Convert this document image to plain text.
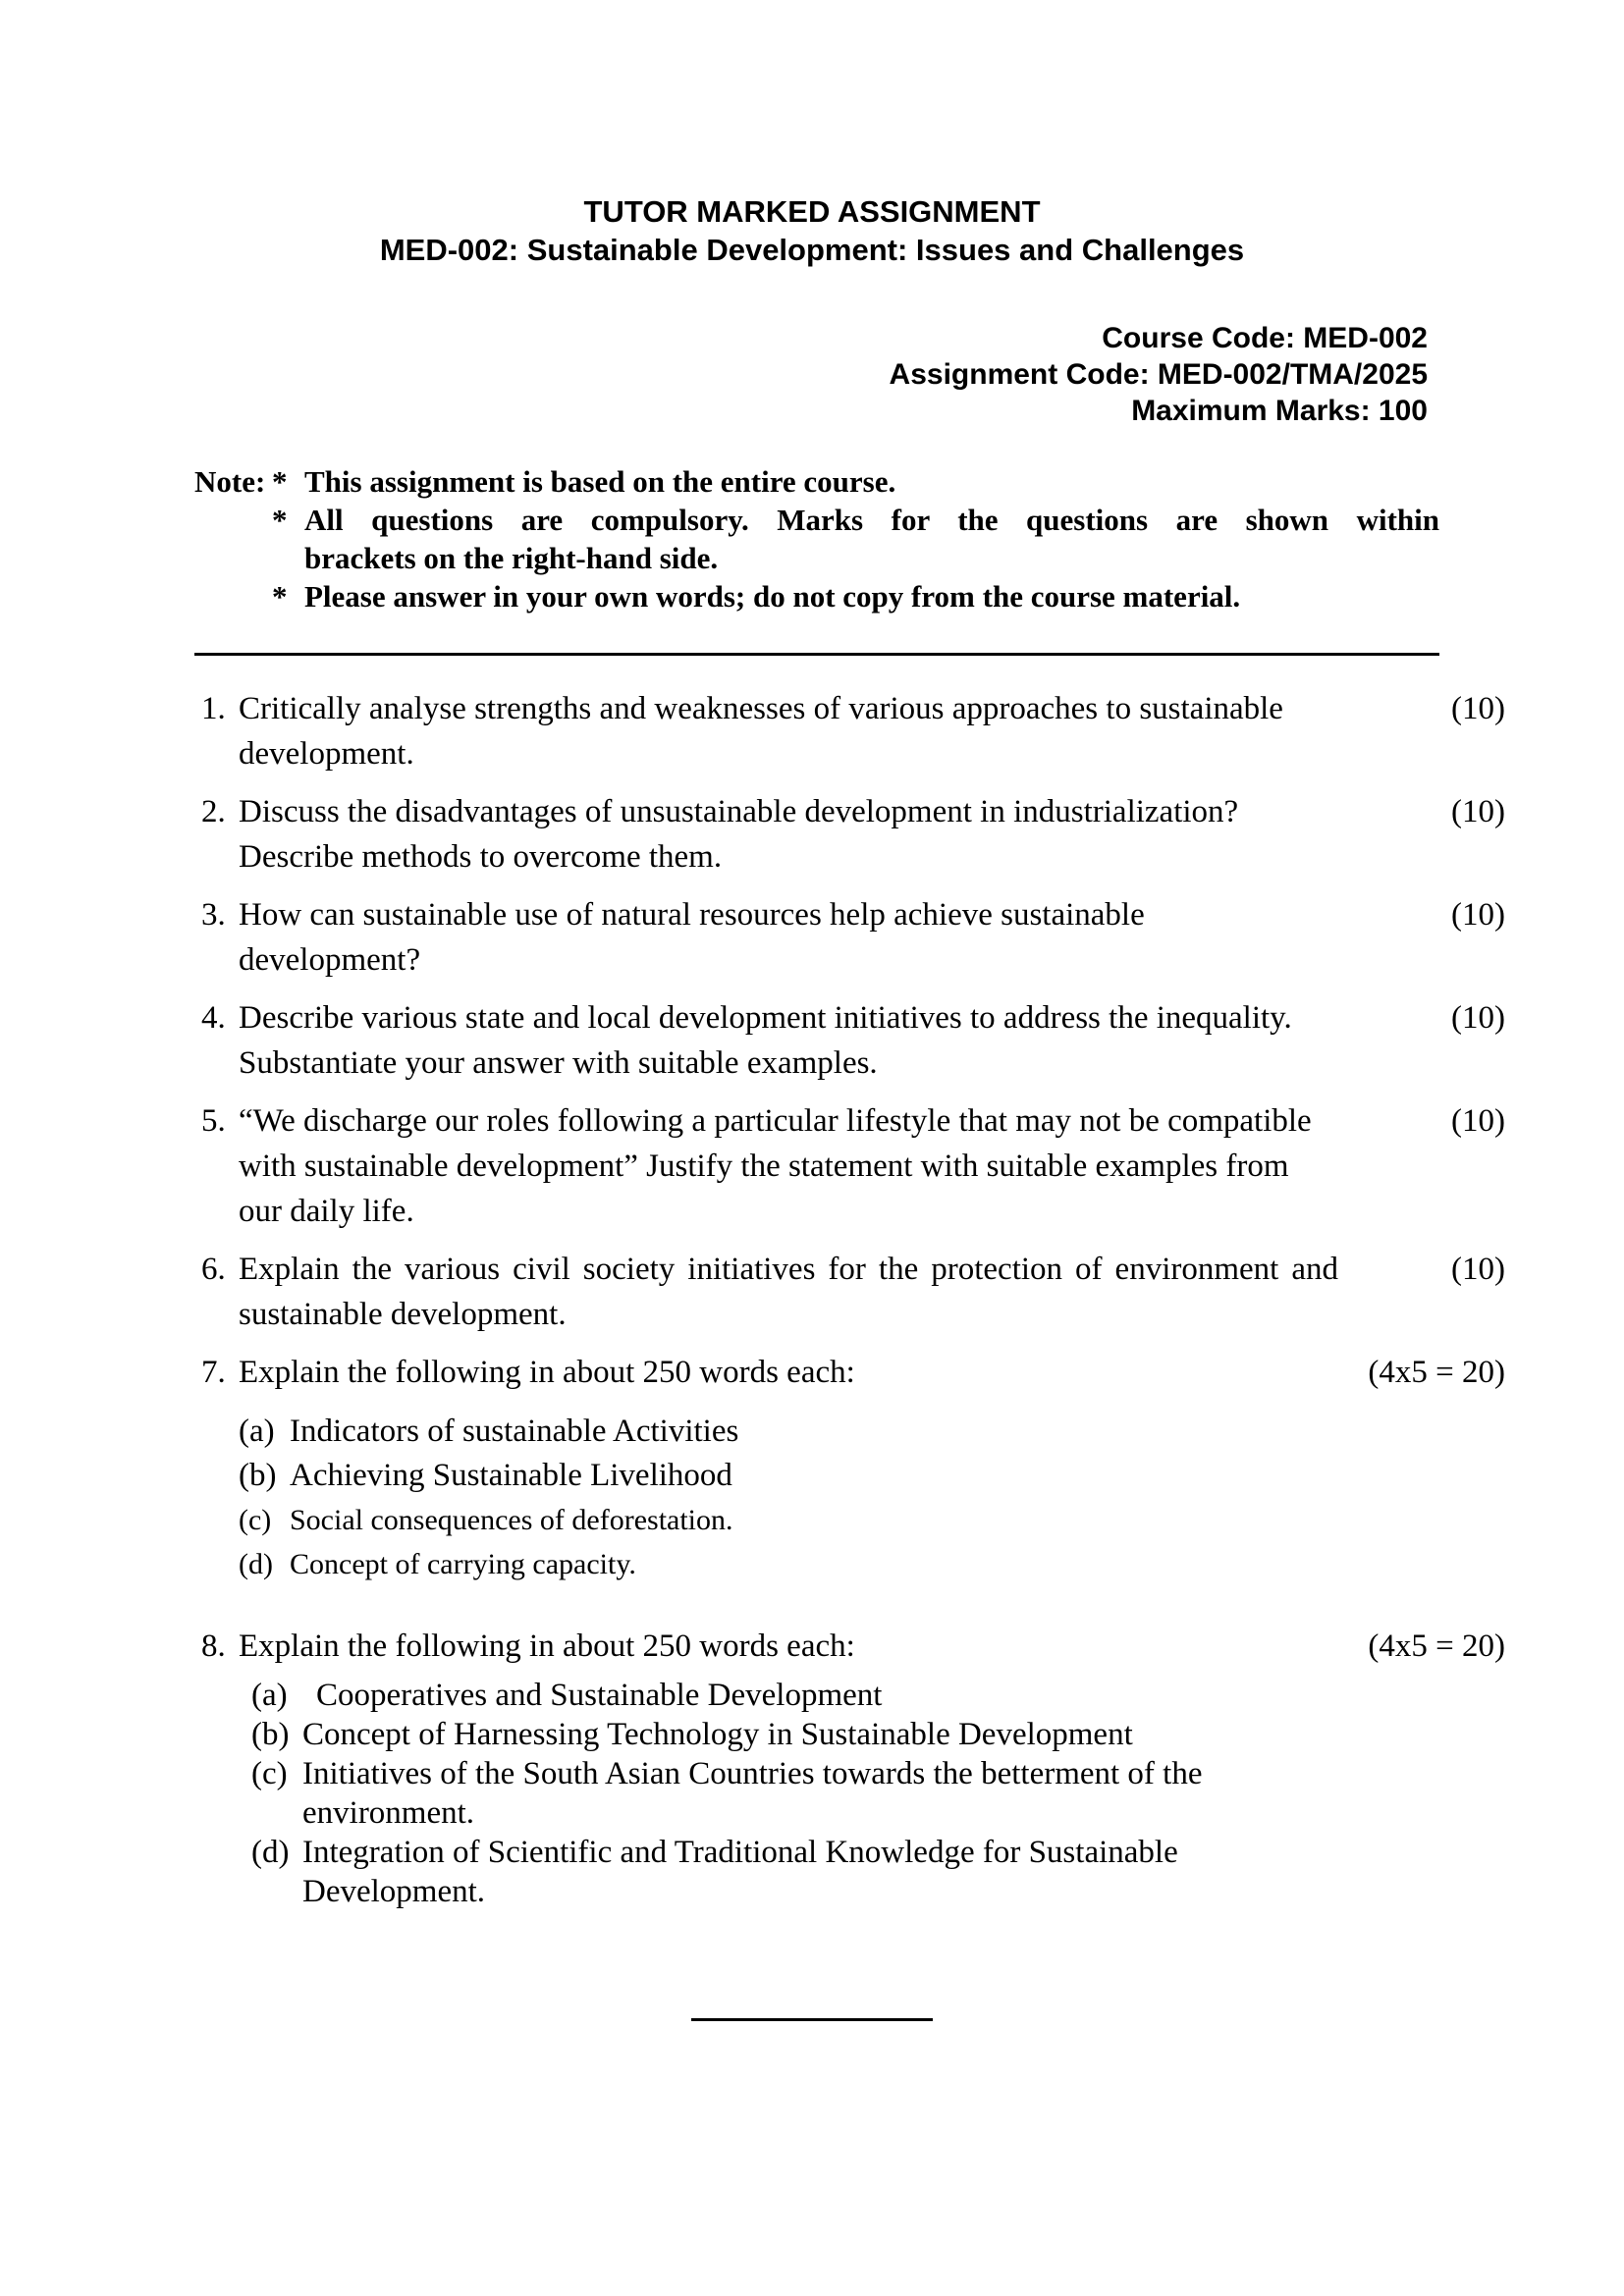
TUTOR MARKED ASSIGNMENT
MED-002: Sustainable Development: Issues and Challenges
Course Code: MED-002
Assignment Code: MED-002/TMA/2025
Maximum Marks: 100
Note: * This assignment is based on the entire course.
* All questions are compulsory. Marks for the questions are shown within
brackets on the right-hand side.
* Please answer in your own words; do not copy from the course material.
1. Critically analyse strengths and weaknesses of various approaches to sustainable
development.
(10)
2. Discuss the disadvantages of unsustainable development in industrialization?
Describe methods to overcome them.
(10)
3. How can sustainable use of natural resources help achieve sustainable
development?
(10)
4. Describe various state and local development initiatives to address the inequality.
Substantiate your answer with suitable examples.
(10)
5. “We discharge our roles following a particular lifestyle that may not be compatible
with sustainable development” Justify the statement with suitable examples from
our daily life.
(10)
6. Explain the various civil society initiatives for the protection of environment and
sustainable development.
(10)
7. Explain the following in about 250 words each:
(a) Indicators of sustainable Activities
(b) Achieving Sustainable Livelihood
(c) Social consequences of deforestation.
(d) Concept of carrying capacity.
(4x5 = 20)
8. Explain the following in about 250 words each:
(a) Cooperatives and Sustainable Development
(b) Concept of Harnessing Technology in Sustainable Development
(c) Initiatives of the South Asian Countries towards the betterment of the
environment.
(d) Integration of Scientific and Traditional Knowledge for Sustainable
Development.
(4x5 = 20)
